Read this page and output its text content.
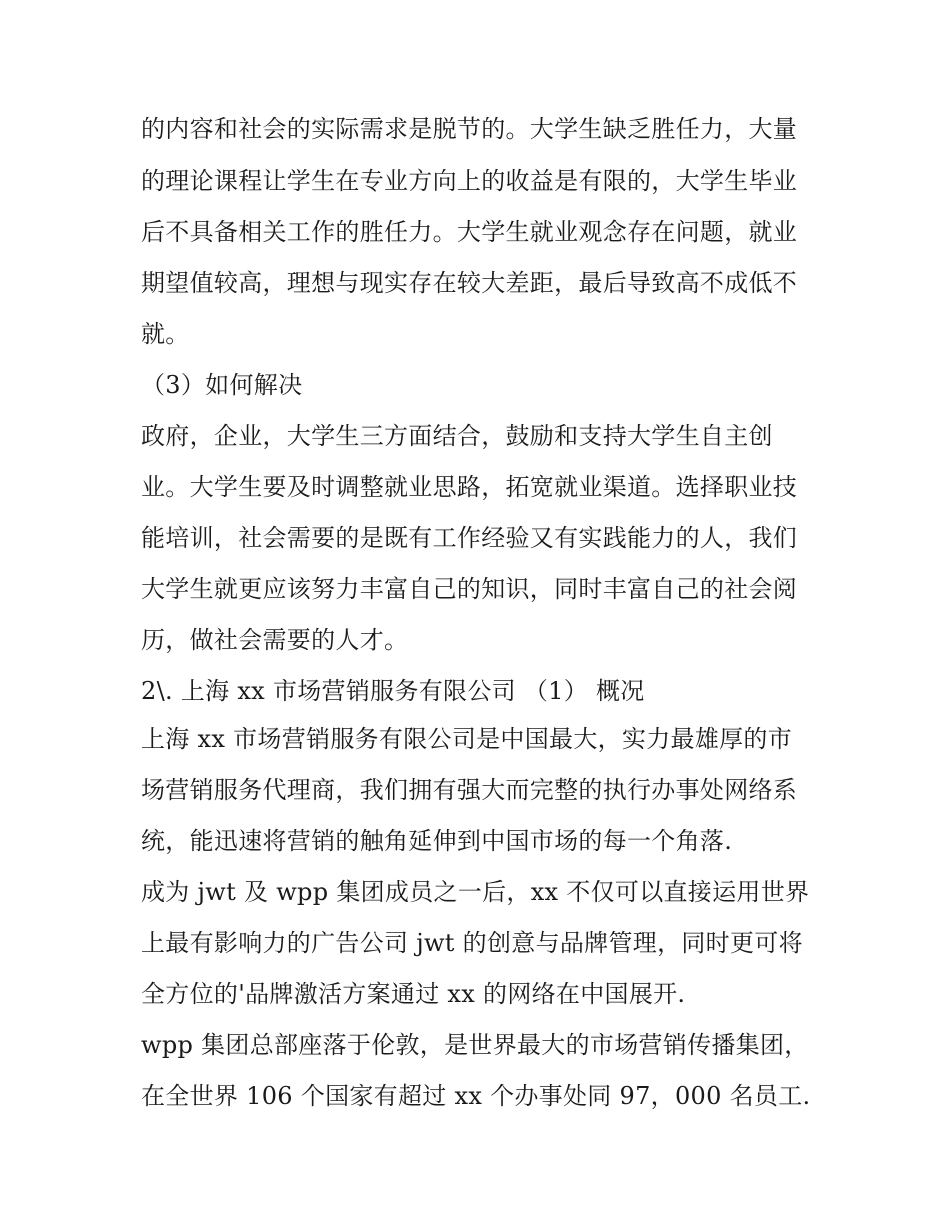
的内容和社会的实际需求是脱节的。大学生缺乏胜任力，大量
的理论课程让学生在专业方向上的收益是有限的，大学生毕业
后不具备相关工作的胜任力。大学生就业观念存在问题，就业
期望值较高，理想与现实存在较大差距，最后导致高不成低不
就。
（3）如何解决
政府，企业，大学生三方面结合，鼓励和支持大学生自主创
业。大学生要及时调整就业思路，拓宽就业渠道。选择职业技
能培训，社会需要的是既有工作经验又有实践能力的人，我们
大学生就更应该努力丰富自己的知识，同时丰富自己的社会阅
历，做社会需要的人才。
2\. 上海 xx 市场营销服务有限公司 （1） 概况
上海 xx 市场营销服务有限公司是中国最大，实力最雄厚的市
场营销服务代理商，我们拥有强大而完整的执行办事处网络系
统，能迅速将营销的触角延伸到中国市场的每一个角落.
成为 jwt 及 wpp 集团成员之一后，xx 不仅可以直接运用世界
上最有影响力的广告公司 jwt 的创意与品牌管理，同时更可将
全方位的'品牌激活方案通过 xx 的网络在中国展开.
wpp 集团总部座落于伦敦，是世界最大的市场营销传播集团，
在全世界 106 个国家有超过 xx 个办事处同 97，000 名员工.
